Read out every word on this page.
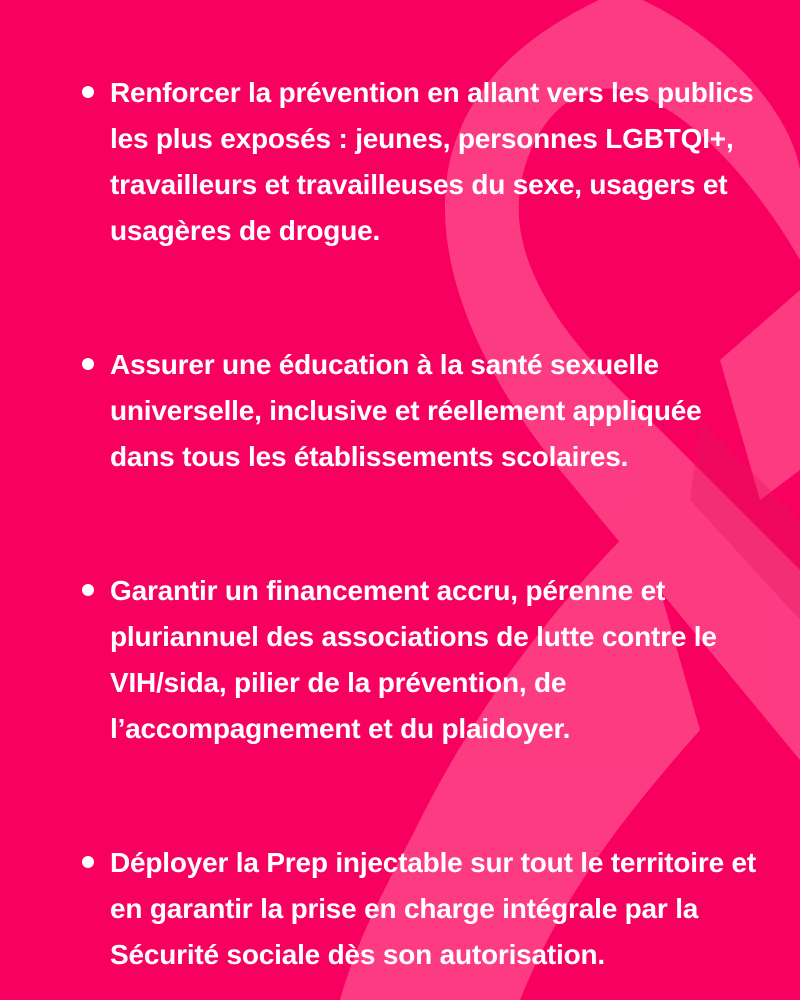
Renforcer la prévention en allant vers les publics les plus exposés : jeunes, personnes LGBTQI+, travailleurs et travailleuses du sexe, usagers et usagères de drogue.
Assurer une éducation à la santé sexuelle universelle, inclusive et réellement appliquée dans tous les établissements scolaires.
Garantir un financement accru, pérenne et pluriannuel des associations de lutte contre le VIH/sida, pilier de la prévention, de l’accompagnement et du plaidoyer.
Déployer la Prep injectable sur tout le territoire et en garantir la prise en charge intégrale par la Sécurité sociale dès son autorisation.
